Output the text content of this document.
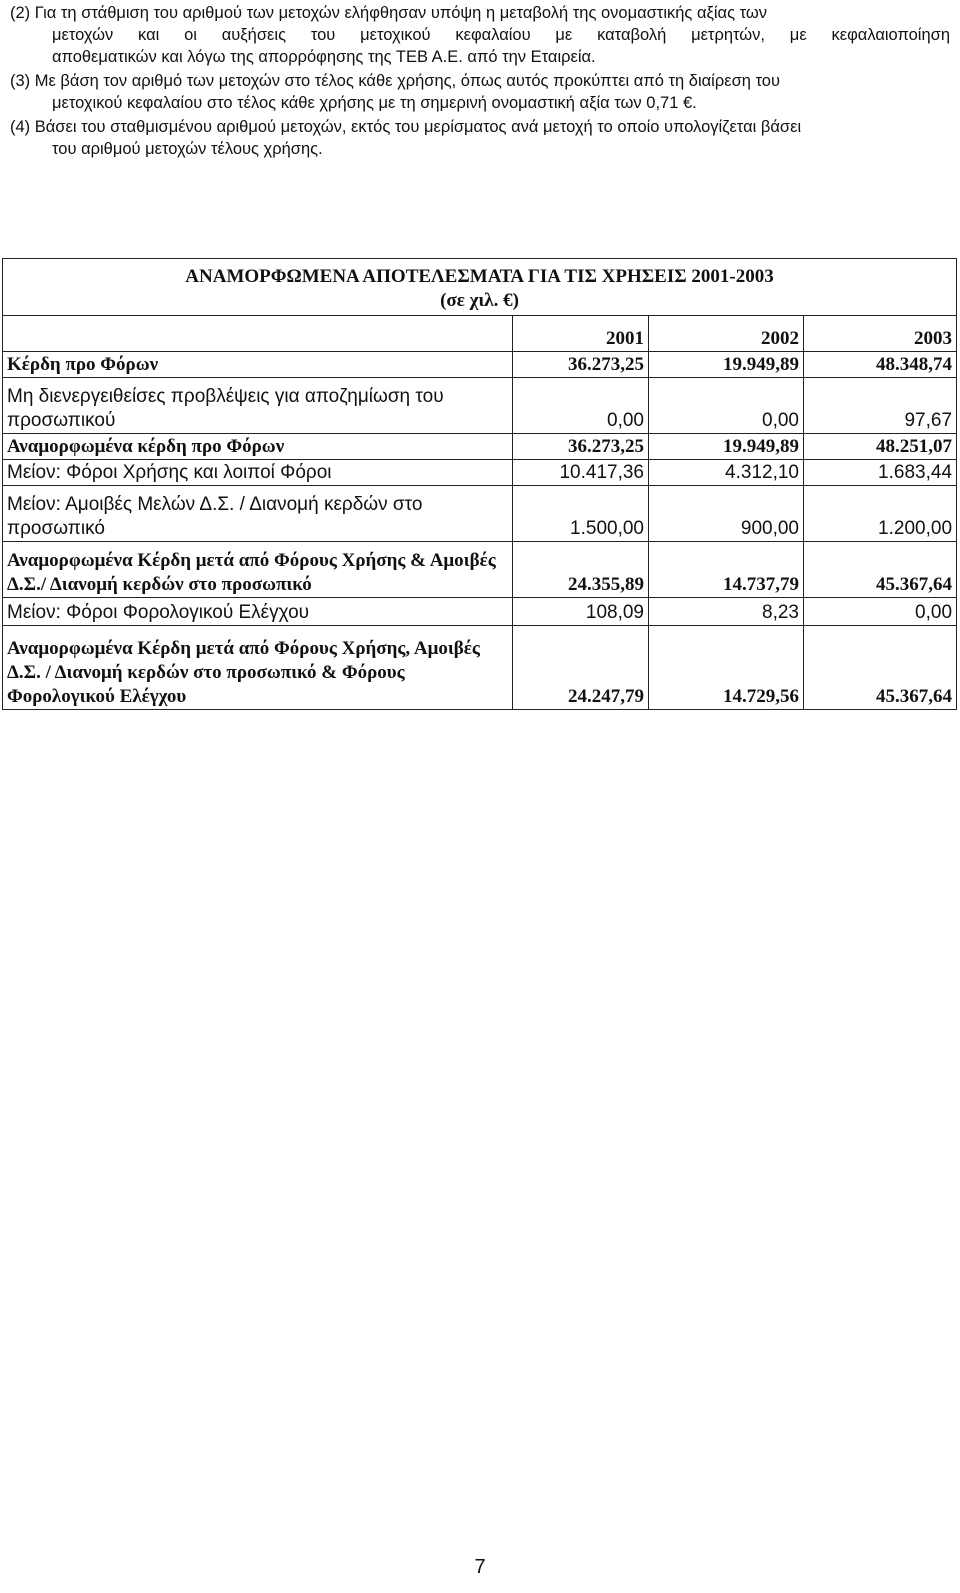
(2) Για τη στάθμιση του αριθμού των μετοχών ελήφθησαν υπόψη η μεταβολή της ονομαστικής αξίας των
μετοχών και οι αυξήσεις του μετοχικού κεφαλαίου με καταβολή μετρητών, με κεφαλαιοποίηση
αποθεματικών και λόγω της απορρόφησης της ΤΕΒ Α.Ε. από την Εταιρεία.

(3) Με βάση τον αριθμό των μετοχών στο τέλος κάθε χρήσης, όπως αυτός προκύπτει από τη διαίρεση του
μετοχικού κεφαλαίου στο τέλος κάθε χρήσης με τη σημερινή ονομαστική αξία των 0,71 €.

(4) Βάσει του σταθμισμένου αριθμού μετοχών, εκτός του μερίσματος ανά μετοχή το οποίο υπολογίζεται βάσει
του αριθμού μετοχών τέλους χρήσης.

ΑΝΑΜΟΡΦΩΜΕΝΑ ΑΠΟΤΕΛΕΣΜΑΤΑ ΓΙΑ ΤΙΣ ΧΡΗΣΕΙΣ 2001-2003
(σε χιλ. €)			

	2001	2002	2003
Κέρδη προ Φόρων	36.273,25	19.949,89	48.348,74
Μη διενεργειθείσες προβλέψεις για αποζημίωση του προσωπικού	0,00	0,00	97,67
Αναμορφωμένα κέρδη προ Φόρων	36.273,25	19.949,89	48.251,07
Μείον: Φόροι Χρήσης και λοιποί Φόροι	10.417,36	4.312,10	1.683,44
Μείον: Αμοιβές Μελών Δ.Σ. / Διανομή κερδών στο προσωπικό	1.500,00	900,00	1.200,00
Αναμορφωμένα Κέρδη μετά από Φόρους Χρήσης & Αμοιβές Δ.Σ./ Διανομή κερδών στο προσωπικό	24.355,89	14.737,79	45.367,64
Μείον: Φόροι Φορολογικού Ελέγχου	108,09	8,23	0,00
Αναμορφωμένα Κέρδη μετά από Φόρους Χρήσης, Αμοιβές Δ.Σ. / Διανομή κερδών στο προσωπικό & Φόρους Φορολογικού Ελέγχου	24.247,79	14.729,56	45.367,64
7
